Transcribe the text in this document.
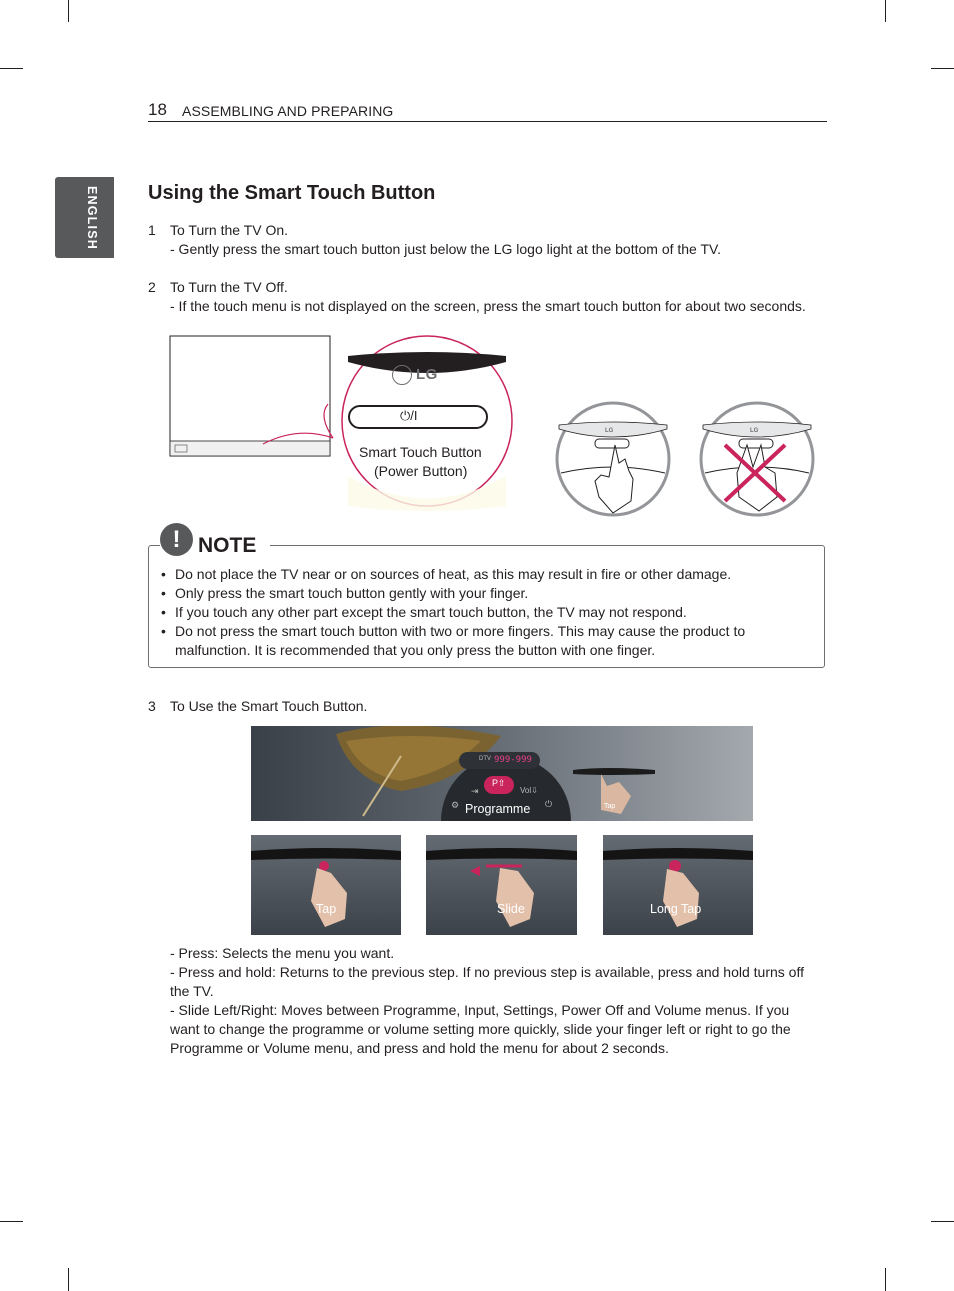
18 ASSEMBLING AND PREPARING
ENGLISH Using the Smart Touch Button
1 To Turn the TV On.
- Gently press the smart touch button just below the LG logo light at the bottom of the TV.
2 To Turn the TV Off.
- If the touch menu is not displayed on the screen, press the smart touch button for about two seconds.
LG
⏻/I
Smart Touch Button
(Power Button)
LG	LG
! NOTE
• Do not place the TV near or on sources of heat, as this may result in fire or other damage.
• Only press the smart touch button gently with your finger.
• If you touch any other part except the smart touch button, the TV may not respond.
• Do not press the smart touch button with two or more fingers. This may cause the product to
malfunction. It is recommended that you only press the button with one finger.
3 To Use the Smart Touch Button.
DTV 999-999
P⇧
⇥	Vol⇩
⚙	⏻
Programme	Tap
Tap	Slide	Long Tap
- Press: Selects the menu you want.
- Press and hold: Returns to the previous step. If no previous step is available, press and hold turns off
the TV.
- Slide Left/Right: Moves between Programme, Input, Settings, Power Off and Volume menus. If you
want to change the programme or volume setting more quickly, slide your finger left or right to go the
Programme or Volume menu, and press and hold the menu for about 2 seconds.
